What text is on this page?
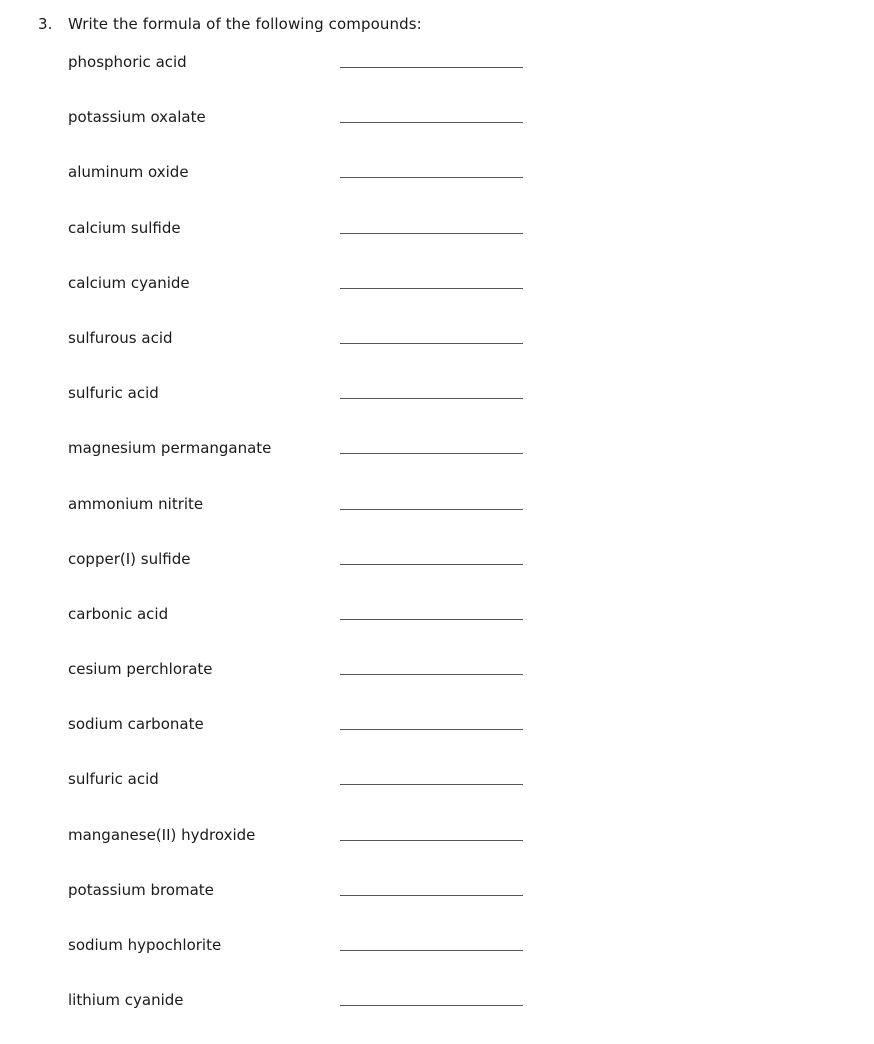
3. Write the formula of the following compounds:
phosphoric acid
potassium oxalate
aluminum oxide
calcium sulfide
calcium cyanide
sulfurous acid
sulfuric acid
magnesium permanganate
ammonium nitrite
copper(I) sulfide
carbonic acid
cesium perchlorate
sodium carbonate
sulfuric acid
manganese(II) hydroxide
potassium bromate
sodium hypochlorite
lithium cyanide
